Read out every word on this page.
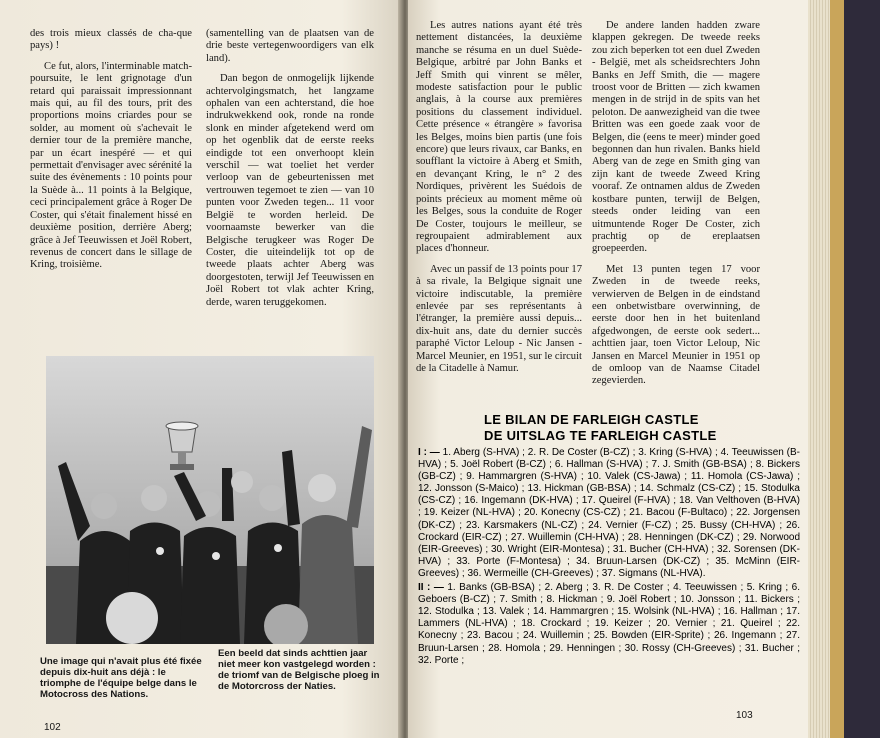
des trois mieux classés de cha-que pays) !

Ce fut, alors, l'interminable match-poursuite, le lent grignotage d'un retard qui paraissait impressionnant mais qui, au fil des tours, prit des proportions moins criardes pour se solder, au moment où s'achevait le dernier tour de la première manche, par un écart inespéré — et qui permettait d'envisager avec sérénité la suite des évènements : 10 points pour la Suède à... 11 points à la Belgique, ceci principalement grâce à Roger De Coster, qui s'était finalement hissé en deuxième position, derrière Aberg; grâce à Jef Teeuwissen et Joël Robert, revenus de concert dans le sillage de Kring, troisième.

(samentelling van de plaatsen van de drie beste vertegenwoordigers van elk land).

Dan begon de onmogelijk lijkende achtervolgingsmatch, het langzame ophalen van een achterstand, die hoe indrukwekkend ook, ronde na ronde slonk en minder afgetekend werd om op het ogenblik dat de eerste reeks eindigde tot een onverhoopt klein verschil — wat toeliet het verder verloop van de gebeurtenissen met vertrouwen tegemoet te zien — van 10 punten voor Zweden tegen... 11 voor België te worden herleid. De voornaamste bewerker van die Belgische terugkeer was Roger De Coster, die uiteindelijk tot op de tweede plaats achter Aberg was doorgestoten, terwijl Jef Teeuwissen en Joël Robert tot vlak achter Kring, derde, waren teruggekomen.

Une image qui n'avait plus été fixée depuis dix-huit ans déjà : le triomphe de l'équipe belge dans le Motocross des Nations.
Een beeld dat sinds achttien jaar niet meer kon vastgelegd worden : de triomf van de Belgische ploeg in de Motorcross der Naties.
102

Les autres nations ayant été très nettement distancées, la deuxième manche se résuma en un duel Suède-Belgique, arbitré par John Banks et Jeff Smith qui vinrent se mêler, modeste satisfaction pour le public anglais, à la course aux premières positions du classement individuel. Cette présence « étrangère » favorisa les Belges, moins bien partis (une fois encore) que leurs rivaux, car Banks, en soufflant la victoire à Aberg et Smith, en devançant Kring, le n° 2 des Nordiques, privèrent les Suédois de points précieux au moment même où les Belges, sous la conduite de Roger De Coster, toujours le meilleur, se regroupaient admirablement aux places d'honneur.

Avec un passif de 13 points pour 17 à sa rivale, la Belgique signait une victoire indiscutable, la première enlevée par ses représentants à l'étranger, la première aussi depuis... dix-huit ans, date du dernier succès paraphé Victor Leloup - Nic Jansen - Marcel Meunier, en 1951, sur le circuit de la Citadelle à Namur.

De andere landen hadden zware klappen gekregen. De tweede reeks zou zich beperken tot een duel Zweden - België, met als scheidsrechters John Banks en Jeff Smith, die — magere troost voor de Britten — zich kwamen mengen in de strijd in de spits van het peloton. De aanwezigheid van die twee Britten was een goede zaak voor de Belgen, die (eens te meer) minder goed begonnen dan hun rivalen. Banks hield Aberg van de zege en Smith ging van zijn kant de tweede Zweed Kring vooraf. Ze ontnamen aldus de Zweden kostbare punten, terwijl de Belgen, steeds onder leiding van een uitmuntende Roger De Coster, zich prachtig op de ereplaatsen groepeerden.

Met 13 punten tegen 17 voor Zweden in de tweede reeks, verwierven de Belgen in de eindstand een onbetwistbare overwinning, de eerste door hen in het buitenland afgedwongen, de eerste ook sedert... achttien jaar, toen Victor Leloup, Nic Jansen en Marcel Meunier in 1951 op de omloop van de Naamse Citadel zegevierden.

103
LE BILAN DE FARLEIGH CASTLE
DE UITSLAG TE FARLEIGH CASTLE

I : — 1. Aberg (S-HVA) ; 2. R. De Coster (B-CZ) ; 3. Kring (S-HVA) ; 4. Teeuwissen (B-HVA) ; 5. Joël Robert (B-CZ) ; 6. Hallman (S-HVA) ; 7. J. Smith (GB-BSA) ; 8. Bickers (GB-CZ) ; 9. Hammargren (S-HVA) ; 10. Valek (CS-Jawa) ; 11. Homola (CS-Jawa) ; 12. Jonsson (S-Maico) ; 13. Hickman (GB-BSA) ; 14. Schmalz (CS-CZ) ; 15. Stodulka (CS-CZ) ; 16. Ingemann (DK-HVA) ; 17. Queirel (F-HVA) ; 18. Van Velthoven (B-HVA) ; 19. Keizer (NL-HVA) ; 20. Konecny (CS-CZ) ; 21. Bacou (F-Bultaco) ; 22. Jorgensen (DK-CZ) ; 23. Karsmakers (NL-CZ) ; 24. Vernier (F-CZ) ; 25. Bussy (CH-HVA) ; 26. Crockard (EIR-CZ) ; 27. Wuillemin (CH-HVA) ; 28. Henningen (DK-CZ) ; 29. Norwood (EIR-Greeves) ; 30. Wright (EIR-Montesa) ; 31. Bucher (CH-HVA) ; 32. Sorensen (DK-HVA) ; 33. Porte (F-Montesa) ; 34. Bruun-Larsen (DK-CZ) ; 35. McMinn (EIR-Greeves) ; 36. Wermeille (CH-Greeves) ; 37. Sigmans (NL-HVA).

II : — 1. Banks (GB-BSA) ; 2. Aberg ; 3. R. De Coster ; 4. Teeuwissen ; 5. Kring ; 6. Geboers (B-CZ) ; 7. Smith ; 8. Hickman ; 9. Joël Robert ; 10. Jonsson ; 11. Bickers ; 12. Stodulka ; 13. Valek ; 14. Hammargren ; 15. Wolsink (NL-HVA) ; 16. Hallman ; 17. Lammers (NL-HVA) ; 18. Crockard ; 19. Keizer ; 20. Vernier ; 21. Queirel ; 22. Konecny ; 23. Bacou ; 24. Wuillemin ; 25. Bowden (EIR-Sprite) ; 26. Ingemann ; 27. Bruun-Larsen ; 28. Homola ; 29. Henningen ; 30. Rossy (CH-Greeves) ; 31. Bucher ; 32. Porte ;
